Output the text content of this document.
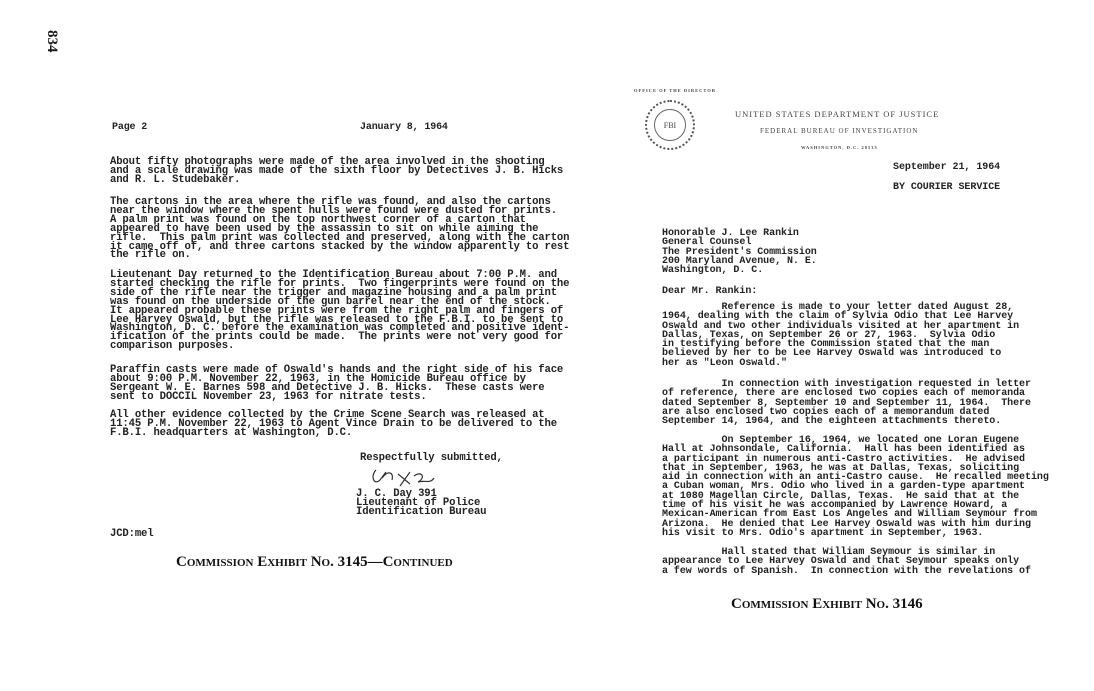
834
Page 2	January 8, 1964
About fifty photographs were made of the area involved in the shooting
and a scale drawing was made of the sixth floor by Detectives J. B. Hicks
and R. L. Studebaker.
The cartons in the area where the rifle was found, and also the cartons
near the window where the spent hulls were found were dusted for prints.
A palm print was found on the top northwest corner of a carton that
appeared to have been used by the assassin to sit on while aiming the
rifle.  This palm print was collected and preserved, along with the carton
it came off of, and three cartons stacked by the window apparently to rest
the rifle on.
Lieutenant Day returned to the Identification Bureau about 7:00 P.M. and
started checking the rifle for prints.  Two fingerprints were found on the
side of the rifle near the trigger and magazine housing and a palm print
was found on the underside of the gun barrel near the end of the stock.
It appeared probable these prints were from the right palm and fingers of
Lee Harvey Oswald, but the rifle was released to the F.B.I. to be sent to
Washington, D. C. before the examination was completed and positive ident-
ification of the prints could be made.  The prints were not very good for
comparison purposes.
Paraffin casts were made of Oswald's hands and the right side of his face
about 9:00 P.M. November 22, 1963, in the Homicide Bureau office by
Sergeant W. E. Barnes 598 and Detective J. B. Hicks.  These casts were
sent to DOCCIL November 23, 1963 for nitrate tests.
All other evidence collected by the Crime Scene Search was released at
11:45 P.M. November 22, 1963 to Agent Vince Drain to be delivered to the
F.B.I. headquarters at Washington, D.C.
Respectfully submitted,
J. C. Day 391
Lieutenant of Police
Identification Bureau
JCD:mel
Commission Exhibit No. 3145—Continued
OFFICE OF THE DIRECTOR
FBI
UNITED STATES DEPARTMENT OF JUSTICE
FEDERAL BUREAU OF INVESTIGATION
WASHINGTON, D.C. 20535
September 21, 1964
BY COURIER SERVICE
Honorable J. Lee Rankin
General Counsel
The President's Commission
200 Maryland Avenue, N. E.
Washington, D. C.
Dear Mr. Rankin:
Reference is made to your letter dated August 28,
1964, dealing with the claim of Sylvia Odio that Lee Harvey
Oswald and two other individuals visited at her apartment in
Dallas, Texas, on September 26 or 27, 1963.  Sylvia Odio
in testifying before the Commission stated that the man
believed by her to be Lee Harvey Oswald was introduced to
her as "Leon Oswald."
In connection with investigation requested in letter
of reference, there are enclosed two copies each of memoranda
dated September 8, September 10 and September 11, 1964.  There
are also enclosed two copies each of a memorandum dated
September 14, 1964, and the eighteen attachments thereto.
On September 16, 1964, we located one Loran Eugene
Hall at Johnsondale, California.  Hall has been identified as
a participant in numerous anti-Castro activities.  He advised
that in September, 1963, he was at Dallas, Texas, soliciting
aid in connection with an anti-Castro cause.  He recalled meeting
a Cuban woman, Mrs. Odio who lived in a garden-type apartment
at 1080 Magellan Circle, Dallas, Texas.  He said that at the
time of his visit he was accompanied by Lawrence Howard, a
Mexican-American from East Los Angeles and William Seymour from
Arizona.  He denied that Lee Harvey Oswald was with him during
his visit to Mrs. Odio's apartment in September, 1963.
Hall stated that William Seymour is similar in
appearance to Lee Harvey Oswald and that Seymour speaks only
a few words of Spanish.  In connection with the revelations of
Commission Exhibit No. 3146
